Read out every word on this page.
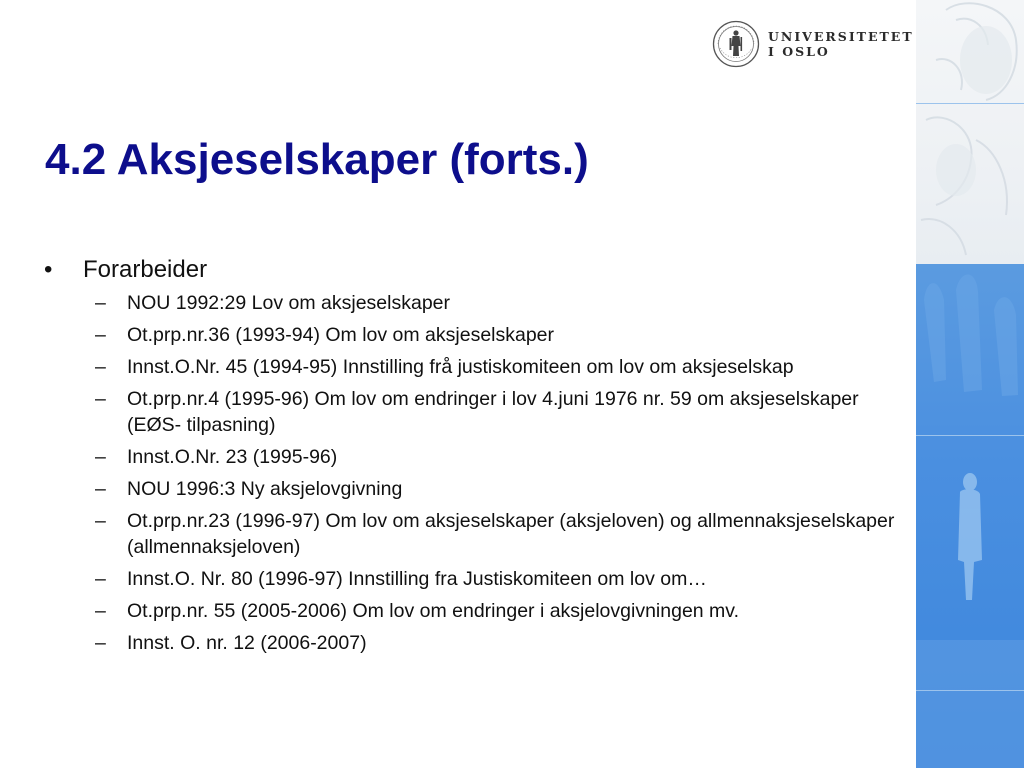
UNIVERSITETET
I OSLO
4.2 Aksjeselskaper (forts.)
• Forarbeider
– NOU 1992:29 Lov om aksjeselskaper
– Ot.prp.nr.36 (1993-94) Om lov om aksjeselskaper
– Innst.O.Nr. 45 (1994-95) Innstilling frå justiskomiteen om lov om aksjeselskap
– Ot.prp.nr.4 (1995-96) Om lov om endringer i lov 4.juni 1976 nr. 59 om aksjeselskaper (EØS- tilpasning)
– Innst.O.Nr. 23 (1995-96)
– NOU 1996:3 Ny aksjelovgivning
– Ot.prp.nr.23 (1996-97) Om lov om aksjeselskaper (aksjeloven) og allmennaksjeselskaper (allmennaksjeloven)
– Innst.O. Nr. 80 (1996-97) Innstilling fra Justiskomiteen om lov om…
– Ot.prp.nr. 55 (2005-2006) Om lov om endringer i aksjelovgivningen mv.
– Innst. O. nr. 12 (2006-2007)
